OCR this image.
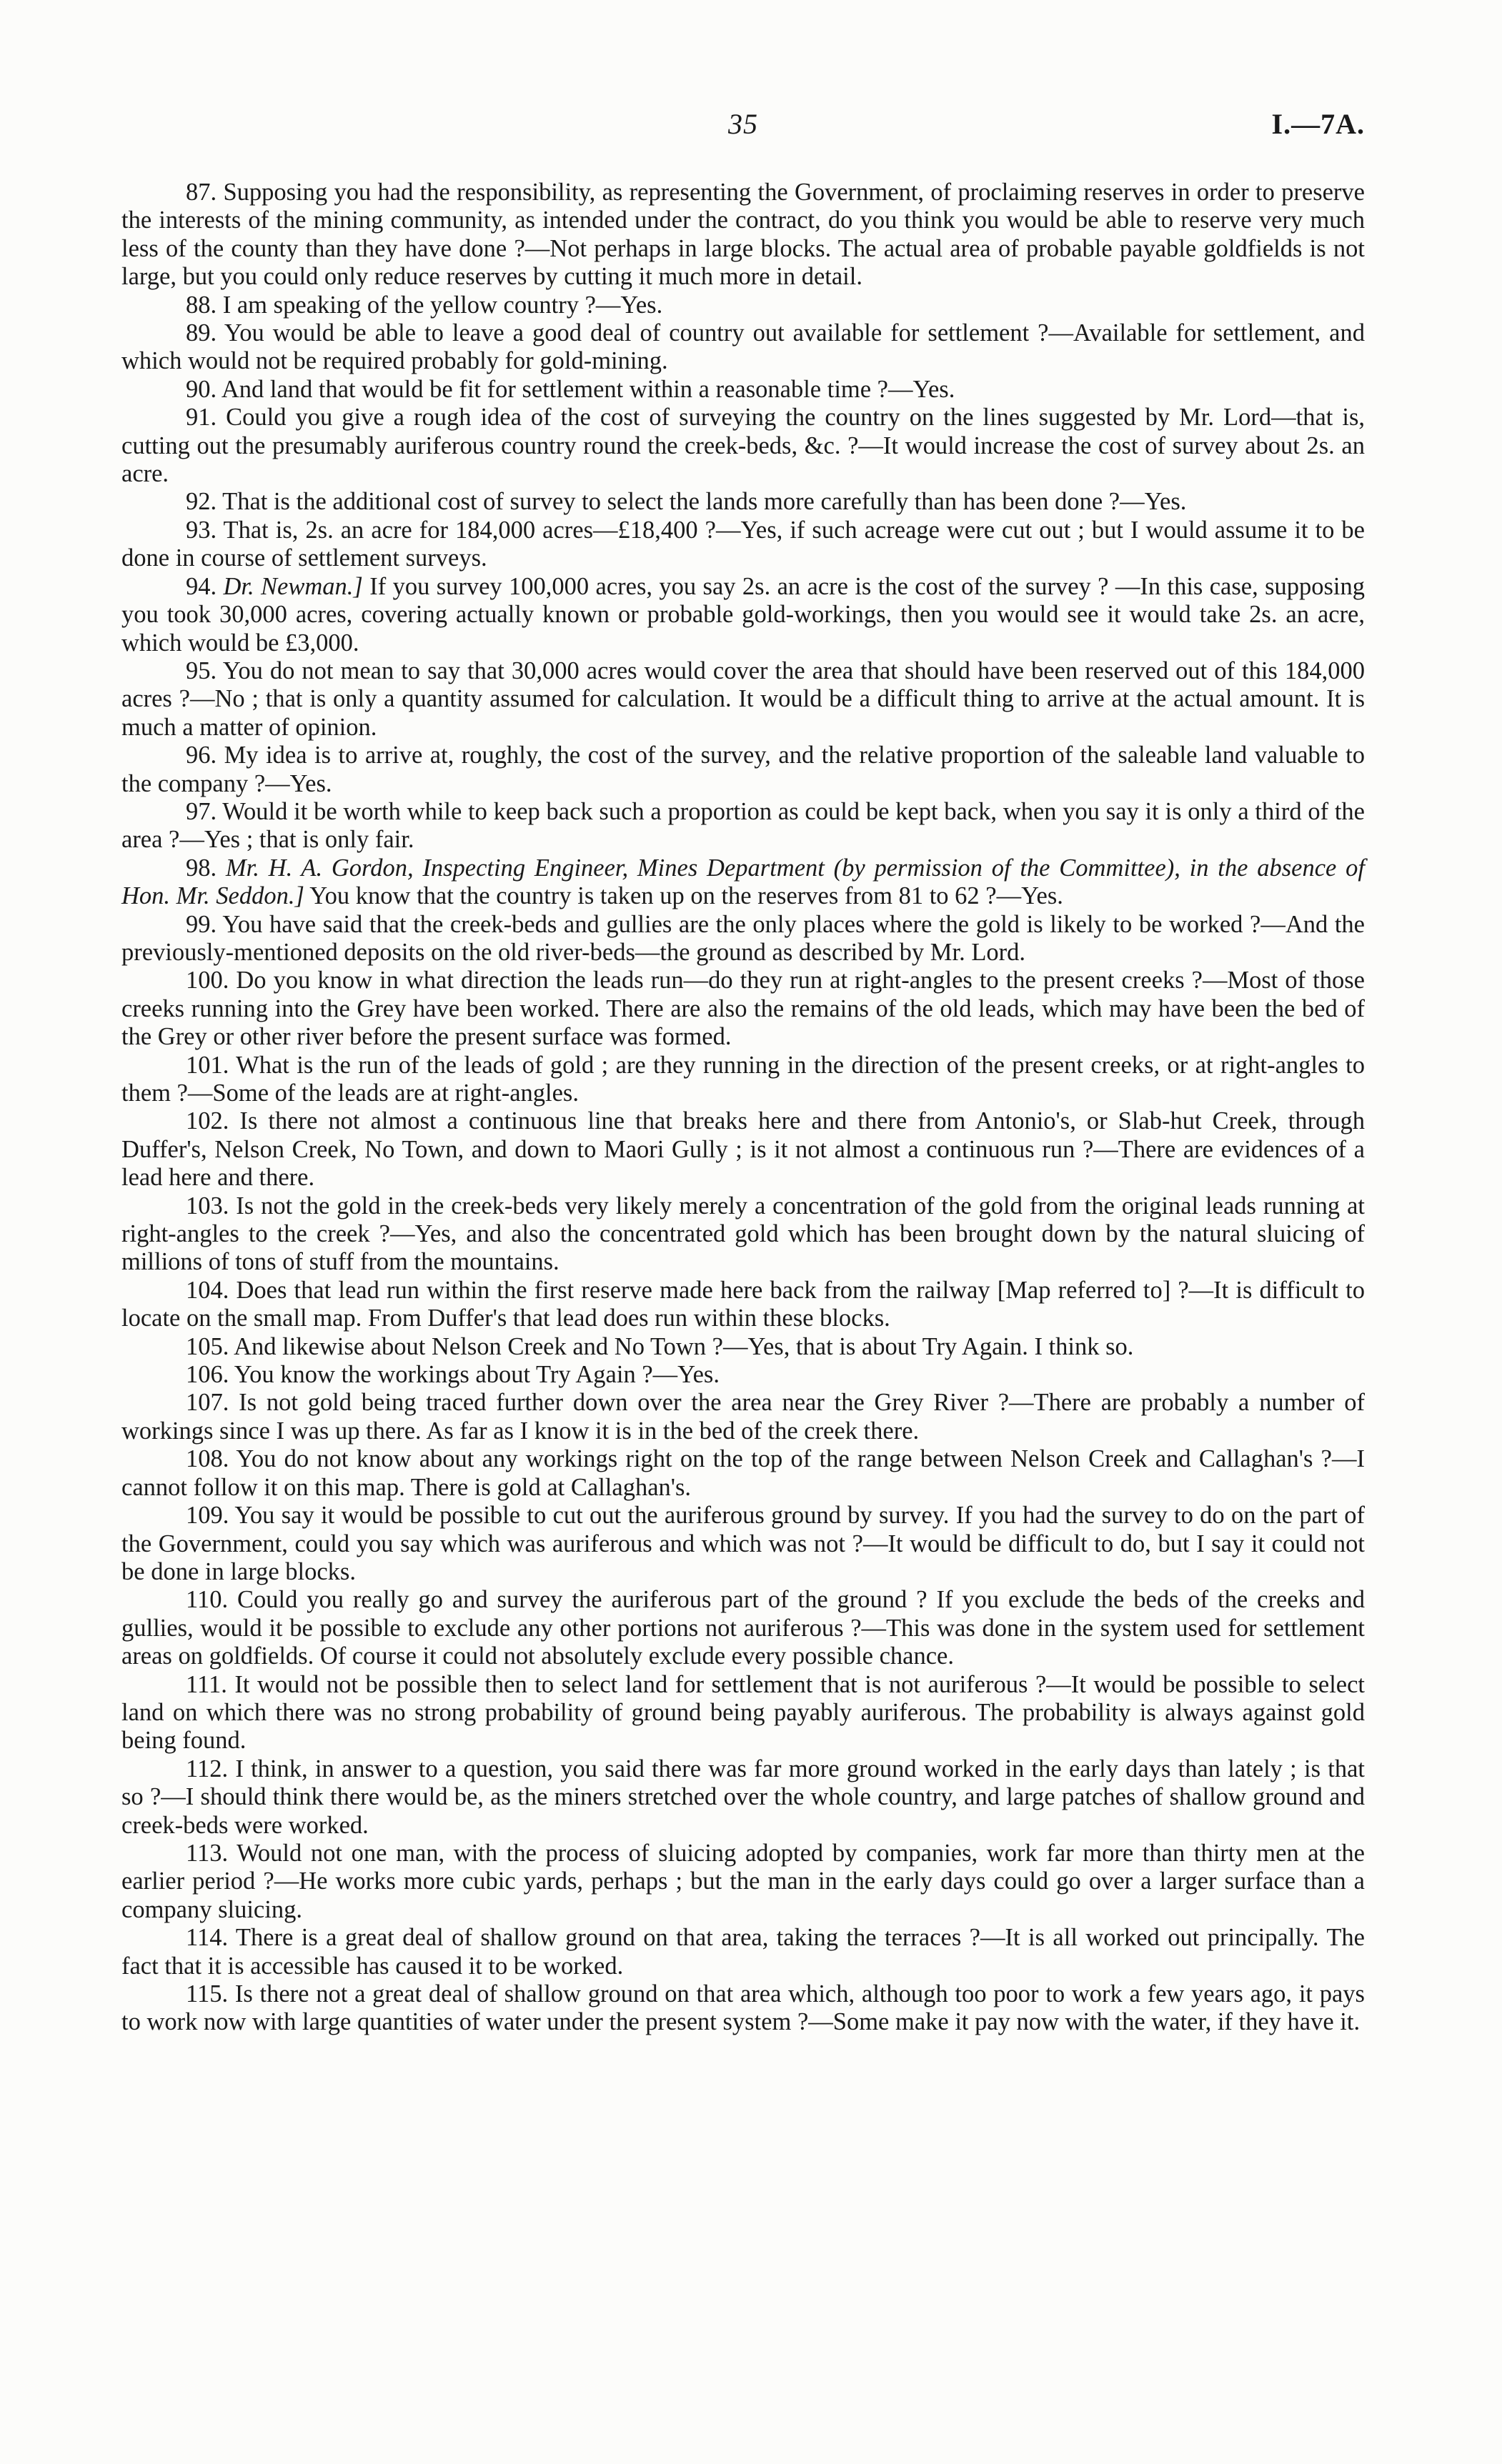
35	I.—7A.

87. Supposing you had the responsibility, as representing the Government, of proclaiming reserves in order to preserve the interests of the mining community, as intended under the contract, do you think you would be able to reserve very much less of the county than they have done ?—Not perhaps in large blocks. The actual area of probable payable goldfields is not large, but you could only reduce reserves by cutting it much more in detail.

88. I am speaking of the yellow country ?—Yes.

89. You would be able to leave a good deal of country out available for settlement ?—Available for settlement, and which would not be required probably for gold-mining.

90. And land that would be fit for settlement within a reasonable time ?—Yes.

91. Could you give a rough idea of the cost of surveying the country on the lines suggested by Mr. Lord—that is, cutting out the presumably auriferous country round the creek-beds, &c. ?—It would increase the cost of survey about 2s. an acre.

92. That is the additional cost of survey to select the lands more carefully than has been done ?—Yes.

93. That is, 2s. an acre for 184,000 acres—£18,400 ?—Yes, if such acreage were cut out ; but I would assume it to be done in course of settlement surveys.

94. Dr. Newman.] If you survey 100,000 acres, you say 2s. an acre is the cost of the survey ? —In this case, supposing you took 30,000 acres, covering actually known or probable gold-workings, then you would see it would take 2s. an acre, which would be £3,000.

95. You do not mean to say that 30,000 acres would cover the area that should have been reserved out of this 184,000 acres ?—No ; that is only a quantity assumed for calculation. It would be a difficult thing to arrive at the actual amount. It is much a matter of opinion.

96. My idea is to arrive at, roughly, the cost of the survey, and the relative proportion of the saleable land valuable to the company ?—Yes.

97. Would it be worth while to keep back such a proportion as could be kept back, when you say it is only a third of the area ?—Yes ; that is only fair.

98. Mr. H. A. Gordon, Inspecting Engineer, Mines Department (by permission of the Committee), in the absence of Hon. Mr. Seddon.] You know that the country is taken up on the reserves from 81 to 62 ?—Yes.

99. You have said that the creek-beds and gullies are the only places where the gold is likely to be worked ?—And the previously-mentioned deposits on the old river-beds—the ground as described by Mr. Lord.

100. Do you know in what direction the leads run—do they run at right-angles to the present creeks ?—Most of those creeks running into the Grey have been worked. There are also the remains of the old leads, which may have been the bed of the Grey or other river before the present surface was formed.

101. What is the run of the leads of gold ; are they running in the direction of the present creeks, or at right-angles to them ?—Some of the leads are at right-angles.

102. Is there not almost a continuous line that breaks here and there from Antonio's, or Slab-hut Creek, through Duffer's, Nelson Creek, No Town, and down to Maori Gully ; is it not almost a continuous run ?—There are evidences of a lead here and there.

103. Is not the gold in the creek-beds very likely merely a concentration of the gold from the original leads running at right-angles to the creek ?—Yes, and also the concentrated gold which has been brought down by the natural sluicing of millions of tons of stuff from the mountains.

104. Does that lead run within the first reserve made here back from the railway [Map referred to] ?—It is difficult to locate on the small map. From Duffer's that lead does run within these blocks.

105. And likewise about Nelson Creek and No Town ?—Yes, that is about Try Again. I think so.

106. You know the workings about Try Again ?—Yes.

107. Is not gold being traced further down over the area near the Grey River ?—There are probably a number of workings since I was up there. As far as I know it is in the bed of the creek there.

108. You do not know about any workings right on the top of the range between Nelson Creek and Callaghan's ?—I cannot follow it on this map. There is gold at Callaghan's.

109. You say it would be possible to cut out the auriferous ground by survey. If you had the survey to do on the part of the Government, could you say which was auriferous and which was not ?—It would be difficult to do, but I say it could not be done in large blocks.

110. Could you really go and survey the auriferous part of the ground ? If you exclude the beds of the creeks and gullies, would it be possible to exclude any other portions not auriferous ?—This was done in the system used for settlement areas on goldfields. Of course it could not absolutely exclude every possible chance.

111. It would not be possible then to select land for settlement that is not auriferous ?—It would be possible to select land on which there was no strong probability of ground being payably auriferous. The probability is always against gold being found.

112. I think, in answer to a question, you said there was far more ground worked in the early days than lately ; is that so ?—I should think there would be, as the miners stretched over the whole country, and large patches of shallow ground and creek-beds were worked.

113. Would not one man, with the process of sluicing adopted by companies, work far more than thirty men at the earlier period ?—He works more cubic yards, perhaps ; but the man in the early days could go over a larger surface than a company sluicing.

114. There is a great deal of shallow ground on that area, taking the terraces ?—It is all worked out principally. The fact that it is accessible has caused it to be worked.

115. Is there not a great deal of shallow ground on that area which, although too poor to work a few years ago, it pays to work now with large quantities of water under the present system ?—Some make it pay now with the water, if they have it.
